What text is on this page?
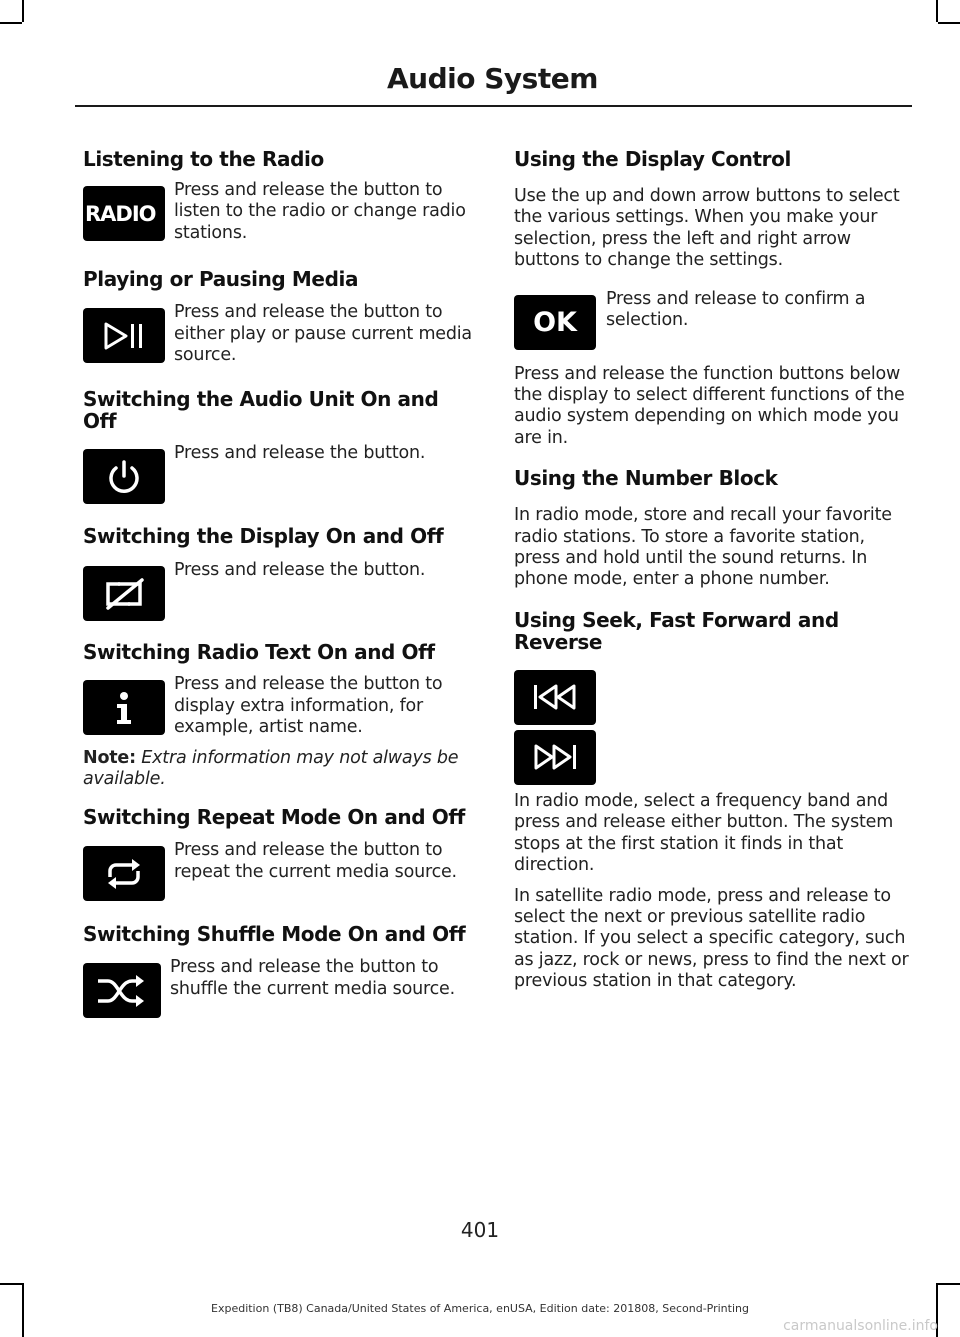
Audio System
Listening to the Radio
RADIO

Press and release the button to listen to the radio or change radio stations.

Playing or Pausing Media

Press and release the button to either play or pause current media source.

Switching the Audio Unit On and Off

Press and release the button.

Switching the Display On and Off

Press and release the button.

Switching Radio Text On and Off

Press and release the button to display extra information, for example, artist name.

Note: Extra information may not always be available.

Switching Repeat Mode On and Off

Press and release the button to repeat the current media source.

Switching Shuffle Mode On and Off

Press and release the button to shuffle the current media source.

Using the Display Control

Use the up and down arrow buttons to select the various settings. When you make your selection, press the left and right arrow buttons to change the settings.

OK

Press and release to confirm a selection.

Press and release the function buttons below the display to select different functions of the audio system depending on which mode you are in.

Using the Number Block

In radio mode, store and recall your favorite radio stations. To store a favorite station, press and hold until the sound returns. In phone mode, enter a phone number.

Using Seek, Fast Forward and Reverse

In radio mode, select a frequency band and press and release either button. The system stops at the first station it finds in that direction.

In satellite radio mode, press and release to select the next or previous satellite radio station. If you select a specific category, such as jazz, rock or news, press to find the next or previous station in that category.

401
Expedition (TB8) Canada/United States of America, enUSA, Edition date: 201808, Second-Printing
carmanualsonline.info
